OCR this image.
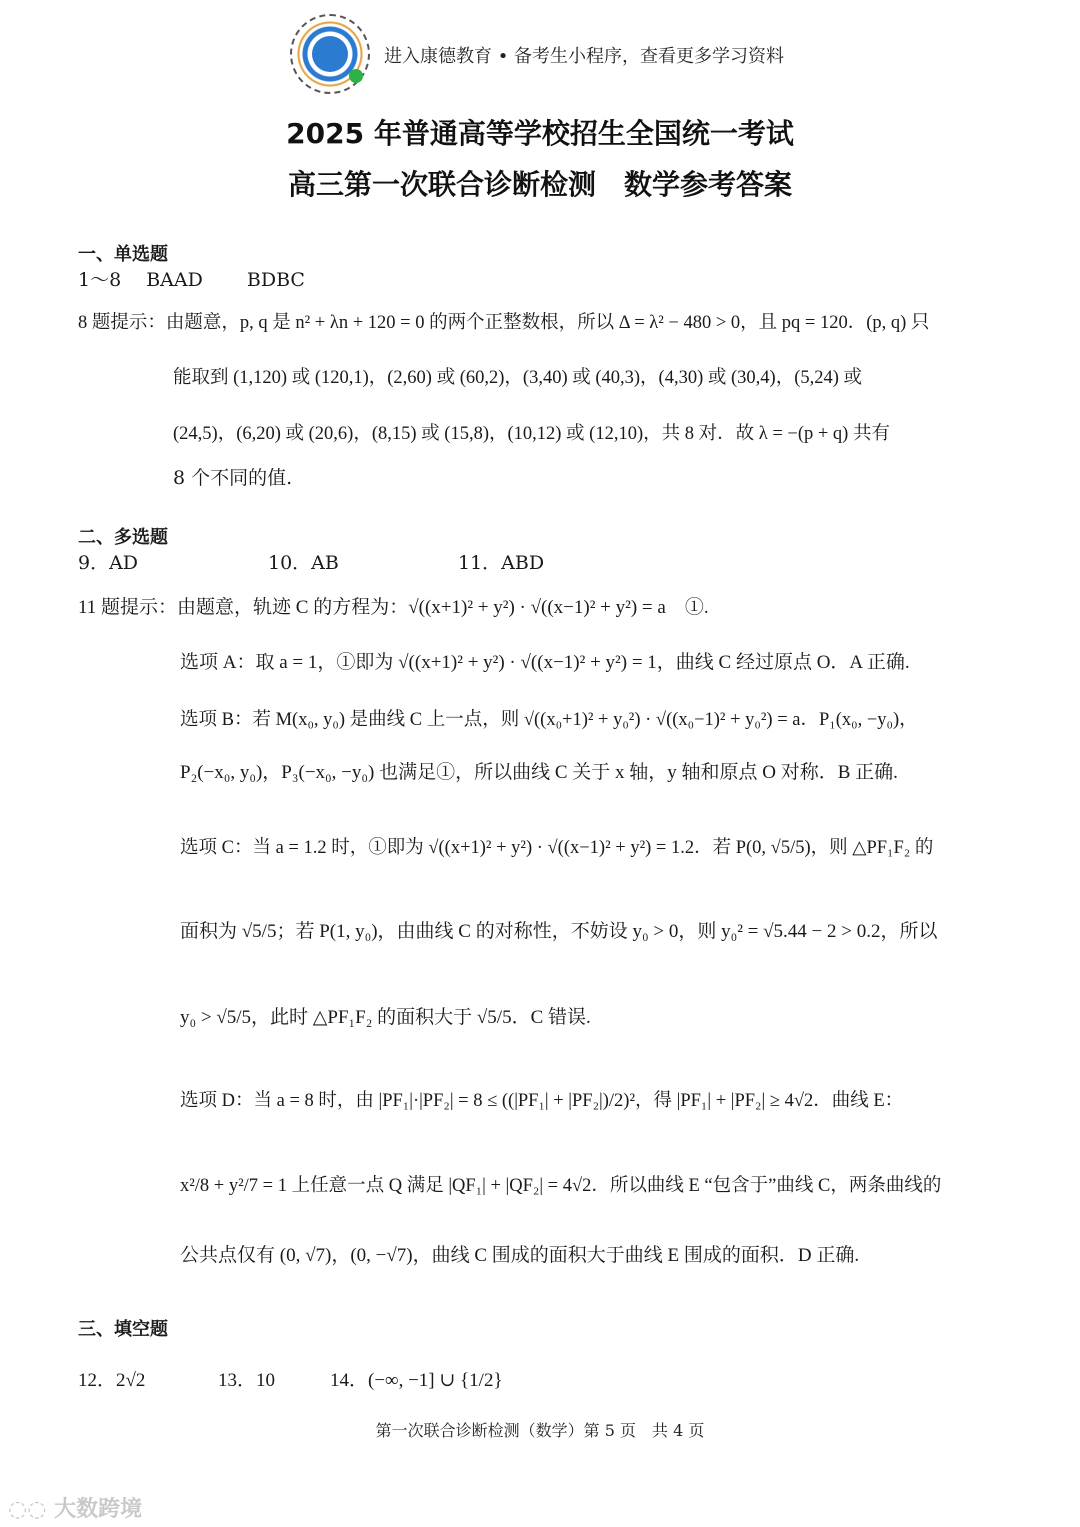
进入康德教育 • 备考生小程序，查看更多学习资料
2025 年普通高等学校招生全国统一考试
高三第一次联合诊断检测　数学参考答案
一、单选题
1～8　 BAAD　　 BDBC
8 题提示：由题意，p, q 是 n² + λn + 120 = 0 的两个正整数根，所以 Δ = λ² − 480 > 0，且 pq = 120．(p, q) 只
能取到 (1,120) 或 (120,1)，(2,60) 或 (60,2)，(3,40) 或 (40,3)，(4,30) 或 (30,4)，(5,24) 或
(24,5)，(6,20) 或 (20,6)，(8,15) 或 (15,8)，(10,12) 或 (12,10)，共 8 对．故 λ = −(p + q) 共有
8 个不同的值.
二、多选题
9．AD	10．AB	11．ABD
11 题提示：由题意，轨迹 C 的方程为：√((x+1)² + y²) · √((x−1)² + y²) = a　①.
选项 A：取 a = 1，①即为 √((x+1)² + y²) · √((x−1)² + y²) = 1，曲线 C 经过原点 O．A 正确.
选项 B：若 M(x₀, y₀) 是曲线 C 上一点，则 √((x₀+1)² + y₀²) · √((x₀−1)² + y₀²) = a．P₁(x₀, −y₀)，
P₂(−x₀, y₀)，P₃(−x₀, −y₀) 也满足①，所以曲线 C 关于 x 轴，y 轴和原点 O 对称．B 正确.
选项 C：当 a = 1.2 时，①即为 √((x+1)² + y²) · √((x−1)² + y²) = 1.2．若 P(0, √5/5)，则 △PF₁F₂ 的
面积为 √5/5；若 P(1, y₀)，由曲线 C 的对称性，不妨设 y₀ > 0，则 y₀² = √5.44 − 2 > 0.2，所以
y₀ > √5/5，此时 △PF₁F₂ 的面积大于 √5/5．C 错误.
选项 D：当 a = 8 时，由 |PF₁|·|PF₂| = 8 ≤ ((|PF₁| + |PF₂|)/2)²，得 |PF₁| + |PF₂| ≥ 4√2．曲线 E：
x²/8 + y²/7 = 1 上任意一点 Q 满足 |QF₁| + |QF₂| = 4√2．所以曲线 E “包含于”曲线 C，两条曲线的
公共点仅有 (0, √7)，(0, −√7)，曲线 C 围成的面积大于曲线 E 围成的面积．D 正确.
三、填空题
12．2√2	13．10	14．(−∞, −1] ∪ {1/2}
第一次联合诊断检测（数学）第 5 页　共 4 页
◌◌ 大数跨境
